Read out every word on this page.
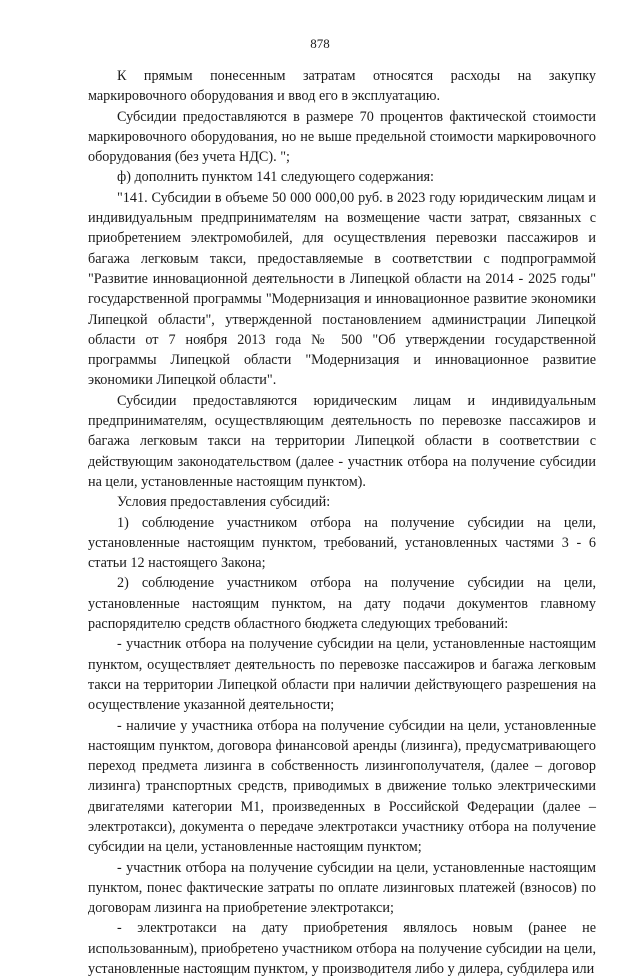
878

К прямым понесенным затратам относятся расходы на закупку маркировочного оборудования и ввод его в эксплуатацию.

Субсидии предоставляются в размере 70 процентов фактической стоимости маркировочного оборудования, но не выше предельной стоимости маркировочного оборудования (без учета НДС). ";

ф) дополнить пунктом 141 следующего содержания:

"141. Субсидии в объеме 50 000 000,00 руб. в 2023 году юридическим лицам и индивидуальным предпринимателям на возмещение части затрат, связанных с приобретением электромобилей, для осуществления перевозки пассажиров и багажа легковым такси, предоставляемые в соответствии с подпрограммой "Развитие инновационной деятельности в Липецкой области на 2014 - 2025 годы" государственной программы "Модернизация и инновационное развитие экономики Липецкой области", утвержденной постановлением администрации Липецкой области от 7 ноября 2013 года № 500 "Об утверждении государственной программы Липецкой области "Модернизация и инновационное развитие экономики Липецкой области".

Субсидии предоставляются юридическим лицам и индивидуальным предпринимателям, осуществляющим деятельность по перевозке пассажиров и багажа легковым такси на территории Липецкой области в соответствии с действующим законодательством (далее - участник отбора на получение субсидии на цели, установленные настоящим пунктом).

Условия предоставления субсидий:

1) соблюдение участником отбора на получение субсидии на цели, установленные настоящим пунктом, требований, установленных частями 3 - 6 статьи 12 настоящего Закона;

2) соблюдение участником отбора на получение субсидии на цели, установленные настоящим пунктом, на дату подачи документов главному распорядителю средств областного бюджета следующих требований:

- участник отбора на получение субсидии на цели, установленные настоящим пунктом, осуществляет деятельность по перевозке пассажиров и багажа легковым такси на территории Липецкой области при наличии действующего разрешения на осуществление указанной деятельности;

- наличие у участника отбора на получение субсидии на цели, установленные настоящим пунктом, договора финансовой аренды (лизинга), предусматривающего переход предмета лизинга в собственность лизингополучателя, (далее – договор лизинга) транспортных средств, приводимых в движение только электрическими двигателями категории М1, произведенных в Российской Федерации (далее – электротакси), документа о передаче электротакси участнику отбора на получение субсидии на цели, установленные настоящим пунктом;

- участник отбора на получение субсидии на цели, установленные настоящим пунктом, понес фактические затраты по оплате лизинговых платежей (взносов) по договорам лизинга на приобретение электротакси;

- электротакси на дату приобретения являлось новым (ранее не использованным), приобретено участником отбора на получение субсидии на цели, установленные настоящим пунктом, у производителя либо у дилера, субдилера или
